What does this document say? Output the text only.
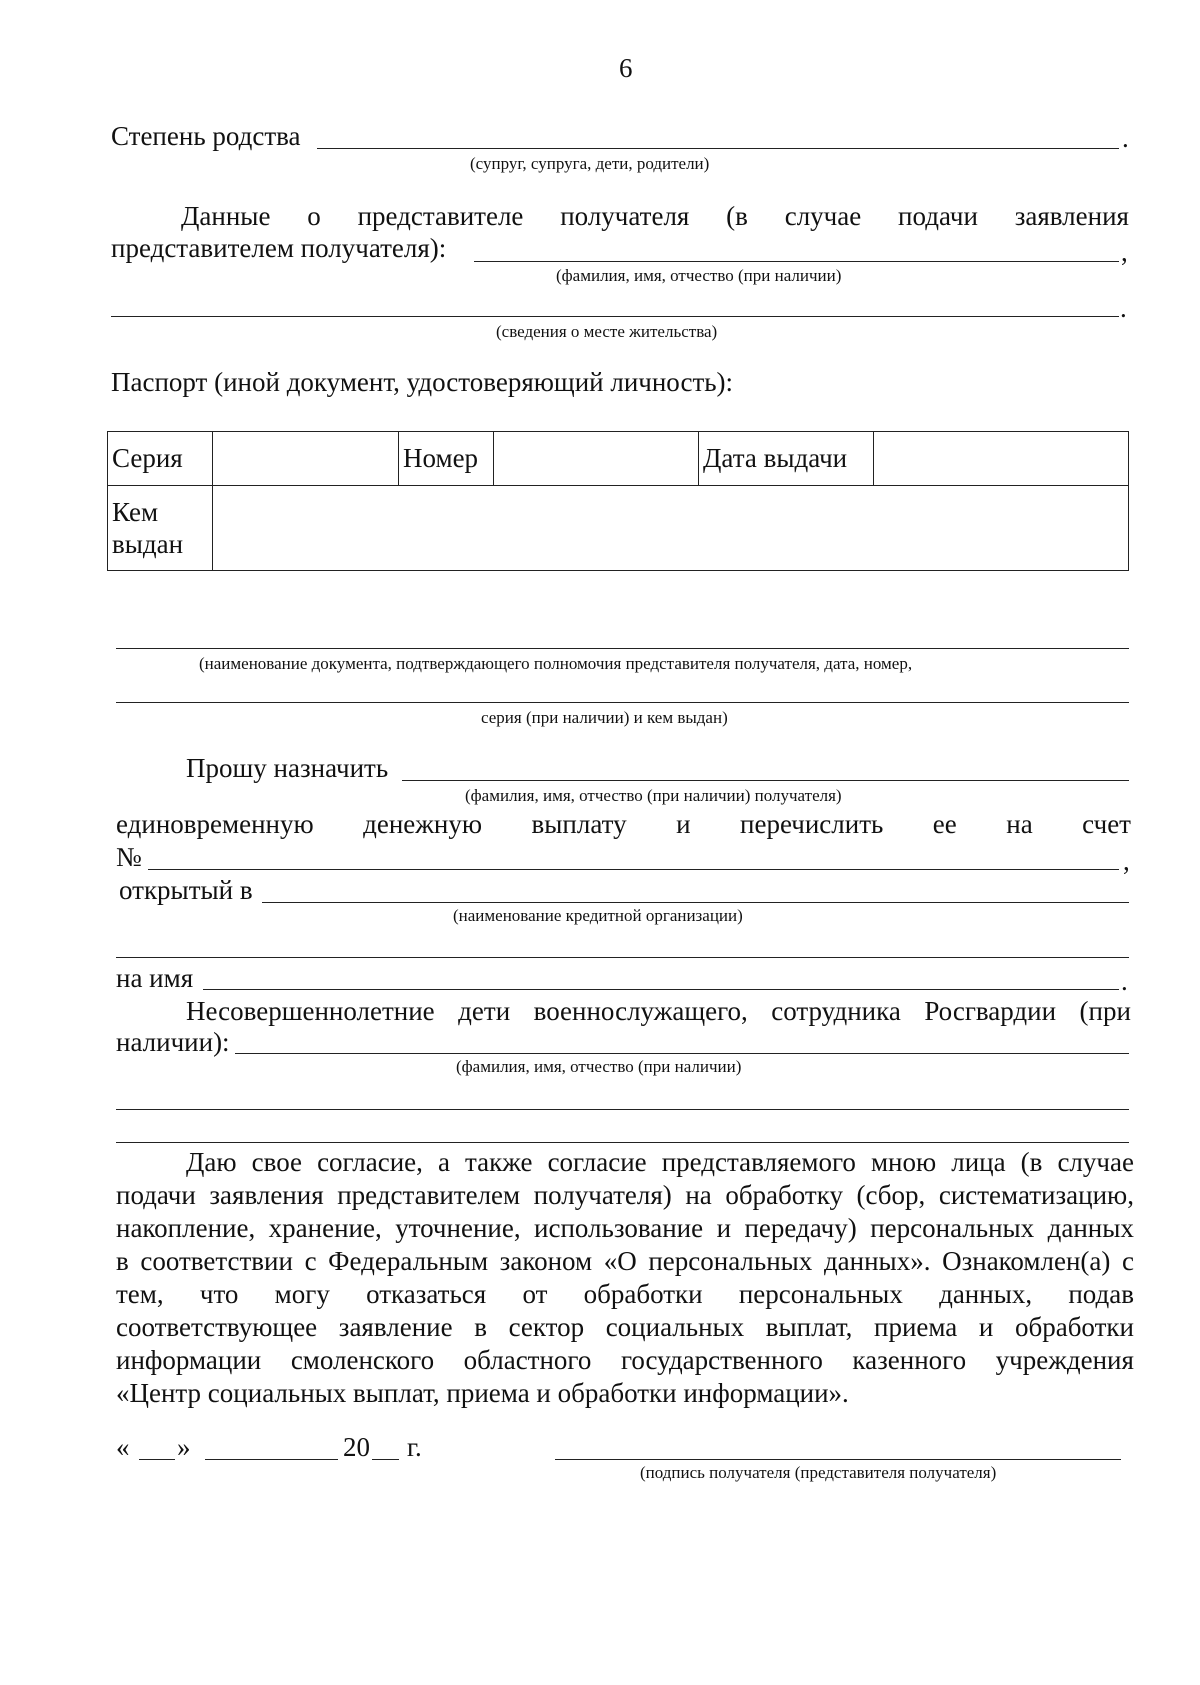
6
Степень родства	.
(супруг, супруга, дети, родители)
Данные о представителе получателя (в случае подачи заявления
представителем получателя):	,
(фамилия, имя, отчество (при наличии)
.
(сведения о месте жительства)
Паспорт (иной документ, удостоверяющий личность):
Серия		Номер		Дата выдачи	
Кем
выдан					
(наименование документа, подтверждающего полномочия представителя получателя, дата, номер,
серия (при наличии) и кем выдан)
Прошу назначить
(фамилия, имя, отчество (при наличии) получателя)
единовременную денежную выплату и перечислить ее на счет
№	,
открытый в
(наименование кредитной организации)
на имя	.
Несовершеннолетние дети военнослужащего, сотрудника Росгвардии (при
наличии):
(фамилия, имя, отчество (при наличии)
Даю свое согласие, а также согласие представляемого мною лица (в случае
подачи заявления представителем получателя) на обработку (сбор, систематизацию,
накопление, хранение, уточнение, использование и передачу) персональных данных
в соответствии с Федеральным законом «О персональных данных». Ознакомлен(а) с
тем, что могу отказаться от обработки персональных данных, подав
соответствующее заявление в сектор социальных выплат, приема и обработки
информации смоленского областного государственного казенного учреждения
«Центр социальных выплат, приема и обработки информации».
« »	20 г.
(подпись получателя (представителя получателя)
